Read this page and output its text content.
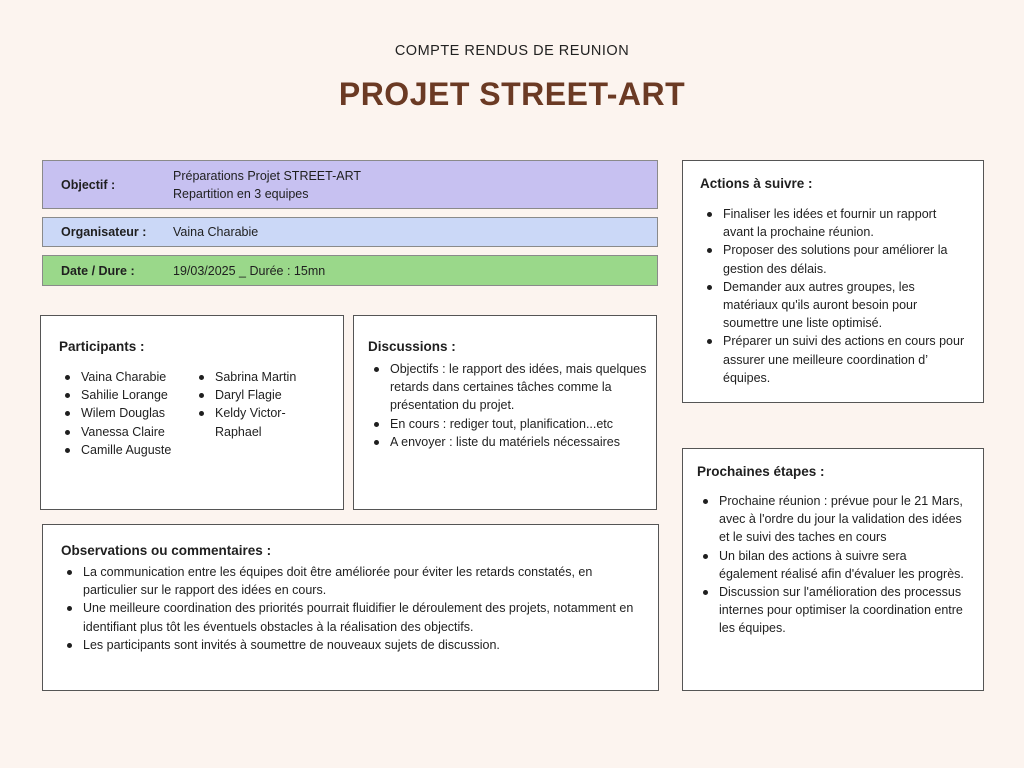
COMPTE RENDUS DE REUNION
PROJET STREET-ART
Objectif :
Préparations Projet STREET-ART
Repartition en 3 equipes
Organisateur : Vaina Charabie
Date / Dure :	19/03/2025 _ Durée : 15mn
Participants :
Vaina Charabie
Sahilie Lorange
Wilem Douglas
Vanessa Claire
Camille Auguste
Sabrina Martin
Daryl Flagie
Keldy Victor-Raphael
Discussions :
Objectifs : le rapport des idées, mais quelques retards dans certaines tâches comme la présentation du projet.
En cours : rediger tout, planification...etc
A envoyer : liste du matériels nécessaires
Observations ou commentaires :
La communication entre les équipes doit être améliorée pour éviter les retards constatés, en particulier sur le rapport des idées en cours.
Une meilleure coordination des priorités pourrait fluidifier le déroulement des projets, notamment en identifiant plus tôt les éventuels obstacles à la réalisation des objectifs.
Les participants sont invités à soumettre de nouveaux sujets de discussion.
Actions à suivre :
Finaliser les idées et fournir un rapport avant la prochaine réunion.
Proposer des solutions pour améliorer la gestion des délais.
Demander aux autres groupes, les matériaux qu'ils auront besoin pour soumettre une liste optimisé.
Préparer un suivi des actions en cours pour assurer une meilleure coordination d’ équipes.
Prochaines étapes :
Prochaine réunion : prévue pour le 21 Mars, avec à l'ordre du jour la validation des idées et le suivi des taches en cours
Un bilan des actions à suivre sera également réalisé afin d'évaluer les progrès.
Discussion sur l'amélioration des processus internes pour optimiser la coordination entre les équipes.
